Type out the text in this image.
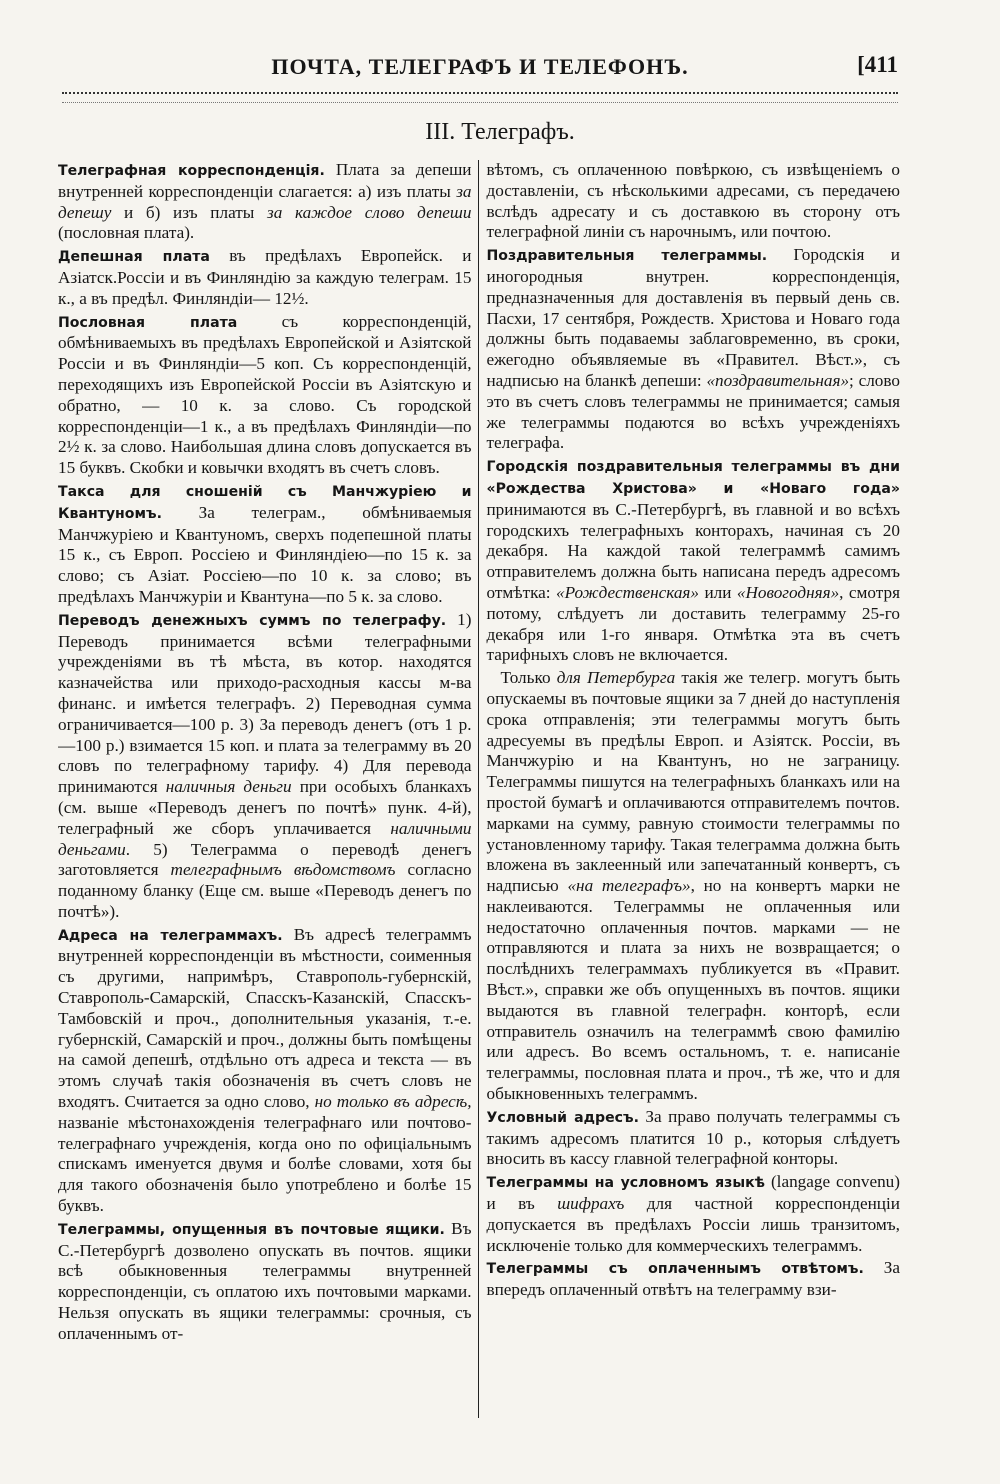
ПОЧТА, ТЕЛЕГРАФЪ И ТЕЛЕФОНЪ.	[411
III. Телеграфъ.

Телеграфная корреспонденція. Плата за депеши внутренней корреспонденціи слагается: а) изъ платы за депешу и б) изъ платы за каждое слово депеши (пословная плата).

Депешная плата въ предѣлахъ Европейск. и Азіатск.Россіи и въ Финляндію за каждую телеграм. 15 к., а въ предѣл. Финляндіи— 12½.

Пословная плата съ корреспонденцій, обмѣниваемыхъ въ предѣлахъ Европейской и Азіятской Россіи и въ Финляндіи—5 коп. Съ корреспонденцій, переходящихъ изъ Европейской Россіи въ Азіятскую и обратно, — 10 к. за слово. Съ городской корреспонденціи—1 к., а въ предѣлахъ Финляндіи—по 2½ к. за слово. Наибольшая длина словъ допускается въ 15 буквъ. Скобки и ковычки входятъ въ счетъ словъ.

Такса для сношеній съ Манчжуріею и Квантуномъ. За телеграм., обмѣниваемыя Манчжуріею и Квантуномъ, сверхъ подепешной платы 15 к., съ Европ. Россіею и Финляндіею—по 15 к. за слово; съ Азіат. Россіею—по 10 к. за слово; въ предѣлахъ Манчжуріи и Квантуна—по 5 к. за слово.

Переводъ денежныхъ суммъ по телеграфу. 1) Переводъ принимается всѣми телеграфными учрежденіями въ тѣ мѣста, въ котор. находятся казначейства или приходо-расходныя кассы м-ва финанс. и имѣется телеграфъ. 2) Переводная сумма ограничивается—100 р. 3) За переводъ денегъ (отъ 1 р.—100 р.) взимается 15 коп. и плата за телеграмму въ 20 словъ по телеграфному тарифу. 4) Для перевода принимаются наличныя деньги при особыхъ бланкахъ (см. выше «Переводъ денегъ по почтѣ» пунк. 4-й), телеграфный же сборъ уплачивается наличными деньгами. 5) Телеграмма о переводѣ денегъ заготовляется телеграфнымъ вѣдомствомъ согласно поданному бланку (Еще см. выше «Переводъ денегъ по почтѣ»).

Адреса на телеграммахъ. Въ адресѣ телеграммъ внутренней корреспонденціи въ мѣстности, соименныя съ другими, напримѣръ, Ставрополь-губернскій, Ставрополь-Самарскій, Спасскъ-Казанскій, Спасскъ-Тамбовскій и проч., дополнительныя указанія, т.-е. губернскій, Самарскій и проч., должны быть помѣщены на самой депешѣ, отдѣльно отъ адреса и текста — въ этомъ случаѣ такія обозначенія въ счетъ словъ не входятъ. Считается за одно слово, но только въ адресѣ, названіе мѣстонахожденія телеграфнаго или почтово-телеграфнаго учрежденія, когда оно по офиціальнымъ спискамъ именуется двумя и болѣе словами, хотя бы для такого обозначенія было употреблено и болѣе 15 буквъ.

Телеграммы, опущенныя въ почтовые ящики. Въ С.-Петербургѣ дозволено опускать въ почтов. ящики всѣ обыкновенныя телеграммы внутренней корреспонденціи, съ оплатою ихъ почтовыми марками. Нельзя опускать въ ящики телеграммы: срочныя, съ оплаченнымъ от-

вѣтомъ, съ оплаченною повѣркою, съ извѣщеніемъ о доставленіи, съ нѣсколькими адресами, съ передачею вслѣдъ адресату и съ доставкою въ сторону отъ телеграфной линіи съ нарочнымъ, или почтою.

Поздравительныя телеграммы. Городскія и иногородныя внутрен. корреспонденція, предназначенныя для доставленія въ первый день св. Пасхи, 17 сентября, Рождеств. Христова и Новаго года должны быть подаваемы заблаговременно, въ сроки, ежегодно объявляемые въ «Правител. Вѣст.», съ надписью на бланкѣ депеши: «поздравительная»; слово это въ счетъ словъ телеграммы не принимается; самыя же телеграммы подаются во всѣхъ учрежденіяхъ телеграфа.

Городскія поздравительныя телеграммы въ дни «Рождества Христова» и «Новаго года» принимаются въ С.-Петербургѣ, въ главной и во всѣхъ городскихъ телеграфныхъ конторахъ, начиная съ 20 декабря. На каждой такой телеграммѣ самимъ отправителемъ должна быть написана передъ адресомъ отмѣтка: «Рождественская» или «Новогодняя», смотря потому, слѣдуетъ ли доставить телеграмму 25-го декабря или 1-го января. Отмѣтка эта въ счетъ тарифныхъ словъ не включается.

Только для Петербурга такія же телегр. могутъ быть опускаемы въ почтовые ящики за 7 дней до наступленія срока отправленія; эти телеграммы могутъ быть адресуемы въ предѣлы Европ. и Азіятск. Россіи, въ Манчжурію и на Квантунъ, но не заграницу. Телеграммы пишутся на телеграфныхъ бланкахъ или на простой бумагѣ и оплачиваются отправителемъ почтов. марками на сумму, равную стоимости телеграммы по установленному тарифу. Такая телеграмма должна быть вложена въ заклеенный или запечатанный конвертъ, съ надписью «на телеграфъ», но на конвертъ марки не наклеиваются. Телеграммы не оплаченныя или недостаточно оплаченныя почтов. марками — не отправляются и плата за нихъ не возвращается; о послѣднихъ телеграммахъ публикуется въ «Правит. Вѣст.», справки же объ опущенныхъ въ почтов. ящики выдаются въ главной телеграфн. конторѣ, если отправитель означилъ на телеграммѣ свою фамилію или адресъ. Во всемъ остальномъ, т. е. написаніе телеграммы, пословная плата и проч., тѣ же, что и для обыкновенныхъ телеграммъ.

Условный адресъ. За право получать телеграммы съ такимъ адресомъ платится 10 р., которыя слѣдуетъ вносить въ кассу главной телеграфной конторы.

Телеграммы на условномъ языкѣ (langage convenu) и въ шифрахъ для частной корреспонденціи допускается въ предѣлахъ Россіи лишь транзитомъ, исключеніе только для коммерческихъ телеграммъ.

Телеграммы съ оплаченнымъ отвѣтомъ. За впередъ оплаченный отвѣтъ на телеграмму взи-
